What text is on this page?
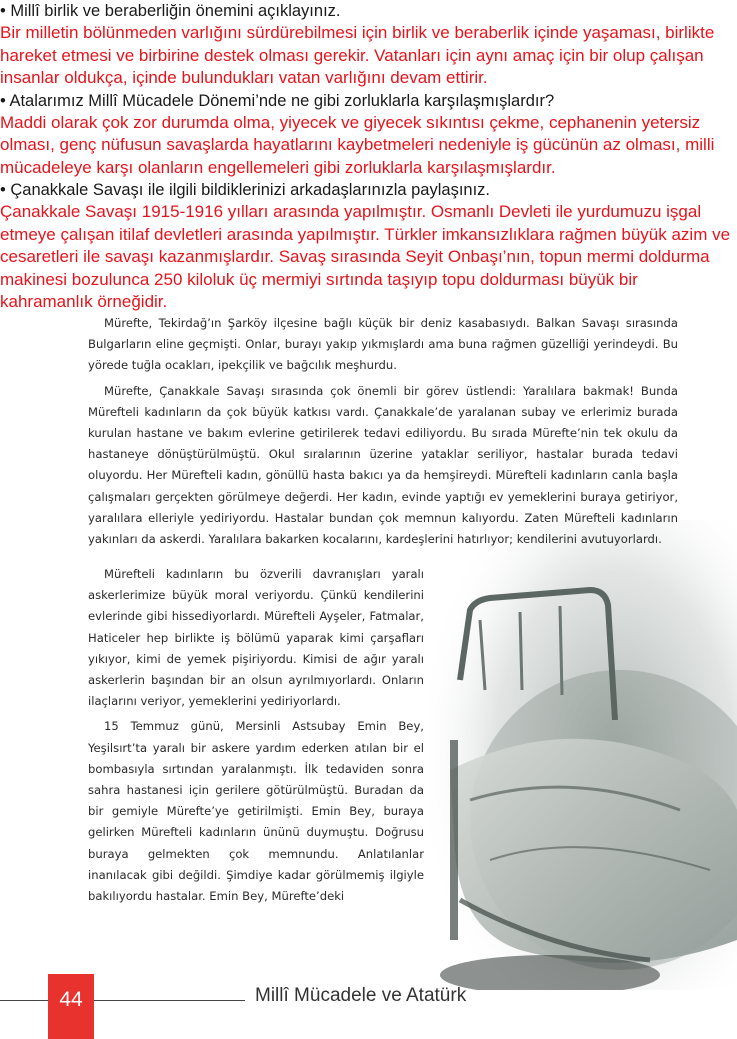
• Millî birlik ve beraberliğin önemini açıklayınız.

Bir milletin bölünmeden varlığını sürdürebilmesi için birlik ve beraberlik içinde yaşaması, birlikte hareket etmesi ve birbirine destek olması gerekir. Vatanları için aynı amaç için bir olup çalışan insanlar oldukça, içinde bulundukları vatan varlığını devam ettirir.

• Atalarımız Millî Mücadele Dönemi’nde ne gibi zorluklarla karşılaşmışlardır?

Maddi olarak çok zor durumda olma, yiyecek ve giyecek sıkıntısı çekme, cephanenin yetersiz olması, genç nüfusun savaşlarda hayatlarını kaybetmeleri nedeniyle iş gücünün az olması, milli mücadeleye karşı olanların engellemeleri gibi zorluklarla karşılaşmışlardır.

• Çanakkale Savaşı ile ilgili bildiklerinizi arkadaşlarınızla paylaşınız.

Çanakkale Savaşı 1915-1916 yılları arasında yapılmıştır. Osmanlı Devleti ile yurdumuzu işgal etmeye çalışan itilaf devletleri arasında yapılmıştır. Türkler imkansızlıklara rağmen büyük azim ve cesaretleri ile savaşı kazanmışlardır. Savaş sırasında Seyit Onbaşı’nın, topun mermi doldurma makinesi bozulunca 250 kiloluk üç mermiyi sırtında taşıyıp topu doldurması büyük bir kahramanlık örneğidir.

Mürefte, Tekirdağ’ın Şarköy ilçesine bağlı küçük bir deniz kasabasıydı. Balkan Savaşı sırasında Bulgarların eline geçmişti. Onlar, burayı yakıp yıkmışlardı ama buna rağmen güzelliği yerindeydi. Bu yörede tuğla ocakları, ipekçilik ve bağcılık meşhurdu.

Mürefte, Çanakkale Savaşı sırasında çok önemli bir görev üstlendi: Yaralılara bakmak! Bunda Müreftelі kadınların da çok büyük katkısı vardı. Çanakkale’de yaralanan subay ve erlerimiz burada kurulan hastane ve bakım evlerine getirilerek tedavi ediliyordu. Bu sırada Mürefte’nin tek okulu da hastaneye dönüştürülmüştü. Okul sıralarının üzerine yataklar seriliyor, hastalar burada tedavi oluyordu. Her Müreftelі kadın, gönüllü hasta bakıcı ya da hemşireydi. Müreftelі kadınların canla başla çalışmaları gerçekten görülmeye değerdi. Her kadın, evinde yaptığı ev yemeklerini buraya getiriyor, yaralılara elleriyle yediriyordu. Hastalar bundan çok memnun kalıyordu. Zaten Müreftelі kadınların yakınları da askerdi. Yaralılara bakarken kocalarını, kardeşlerini hatırlıyor; kendilerini avutuyorlardı.

Müreftelі kadınların bu özverili davranışları yaralı askerlerimize büyük moral veriyordu. Çünkü kendilerini evlerinde gibi hissediyorlardı. Müreftelі Ayşeler, Fatmalar, Haticeler hep birlikte iş bölümü yaparak kimi çarşafları yıkıyor, kimi de yemek pişiriyordu. Kimisi de ağır yaralı askerlerin başından bir an olsun ayrılmıyorlardı. Onların ilaçlarını veriyor, yemeklerini yediriyorlardı.

15 Temmuz günü, Mersinli Astsubay Emin Bey, Yeşilsırt’ta yaralı bir askere yardım ederken atılan bir el bombasıyla sırtından yaralanmıştı. İlk tedaviden sonra sahra hastanesi için gerilere götürülmüştü. Buradan da bir gemiyle Mürefte’ye getirilmişti. Emin Bey, buraya gelirken Müreftelі kadınların ününü duymuştu. Doğrusu buraya gelmekten çok memnundu. Anlatılanlar inanılacak gibi değildi. Şimdiye kadar görülmemiş ilgiyle bakılıyordu hastalar. Emin Bey, Mürefte’deki

44	Millî Mücadele ve Atatürk
